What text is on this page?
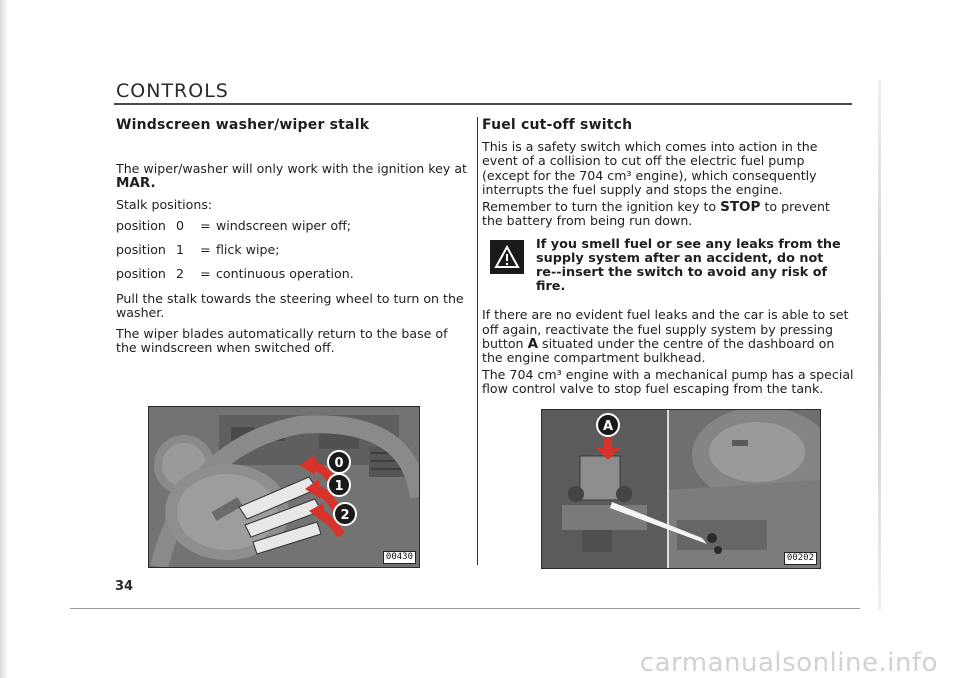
CONTROLS
Windscreen washer/wiper stalk

The wiper/washer will only work with the ignition key at MAR.

Stalk positions:

position 0	= windscreen wiper off;
position 1	= flick wipe;
position 2	= continuous operation.

Pull the stalk towards the steering wheel to turn on the washer.

The wiper blades automatically return to the base of the windscreen when switched off.

Fuel cut-off switch

This is a safety switch which comes into action in the event of a collision to cut off the electric fuel pump (except for the 704 cm³ engine), which consequently interrupts the fuel supply and stops the engine.

Remember to turn the ignition key to STOP to prevent the battery from being run down.

If you smell fuel or see any leaks from the supply system after an accident, do not re--insert the switch to avoid any risk of fire.

If there are no evident fuel leaks and the car is able to set off again, reactivate the fuel supply system by pressing button A situated under the centre of the dashboard on the engine compartment bulkhead.

The 704 cm³ engine with a mechanical pump has a special flow control valve to stop fuel escaping from the tank.

0
1
2
00430
A
00202
34
carmanualsonline.info
